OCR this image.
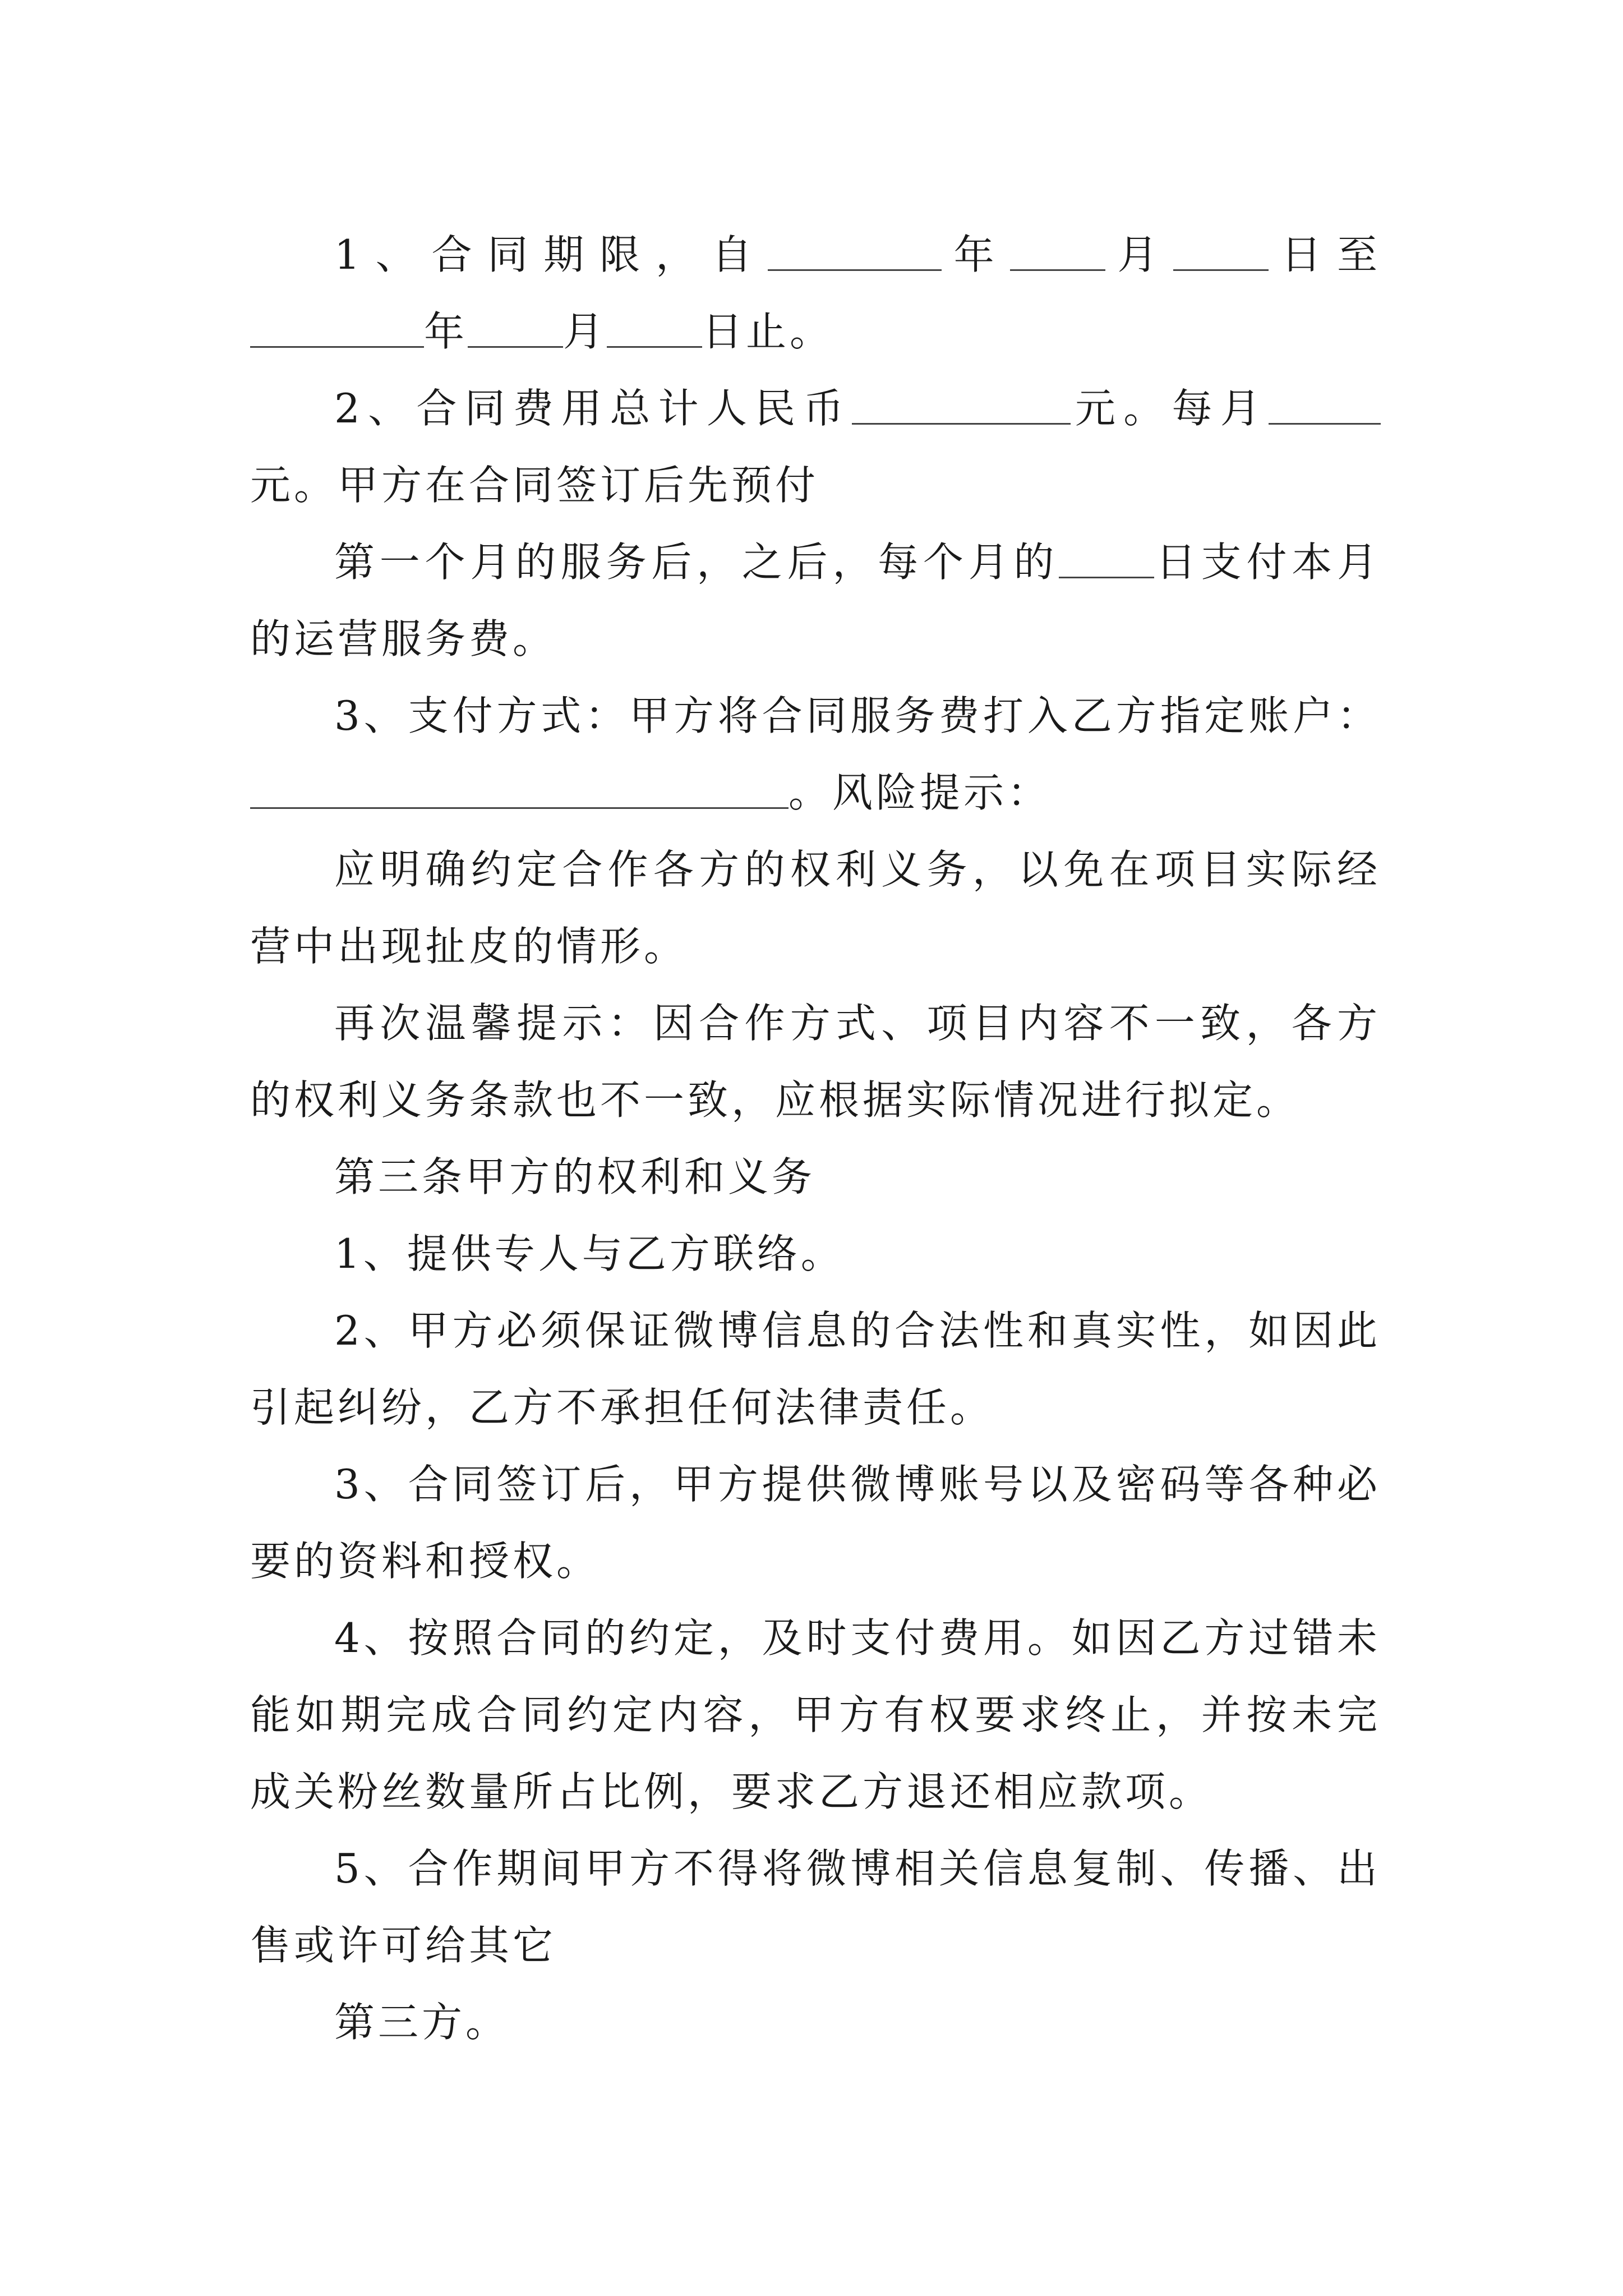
1、合同期限，自	年 月 日至年 月 日止。

2、合同费用总计人民币	元。每月元。甲方在合同签订后先预付

第一个月的服务后，之后，每个月的 日支付本月的运营服务费。

3、支付方式：甲方将合同服务费打入乙方指定账户：。风险提示：

应明确约定合作各方的权利义务，以免在项目实际经营中出现扯皮的情形。

再次温馨提示：因合作方式、项目内容不一致，各方的权利义务条款也不一致，应根据实际情况进行拟定。

第三条甲方的权利和义务

1、提供专人与乙方联络。

2、甲方必须保证微博信息的合法性和真实性，如因此引起纠纷，乙方不承担任何法律责任。

3、合同签订后，甲方提供微博账号以及密码等各种必要的资料和授权。

4、按照合同的约定，及时支付费用。如因乙方过错未能如期完成合同约定内容，甲方有权要求终止，并按未完成关粉丝数量所占比例，要求乙方退还相应款项。

5、合作期间甲方不得将微博相关信息复制、传播、出售或许可给其它

第三方。
